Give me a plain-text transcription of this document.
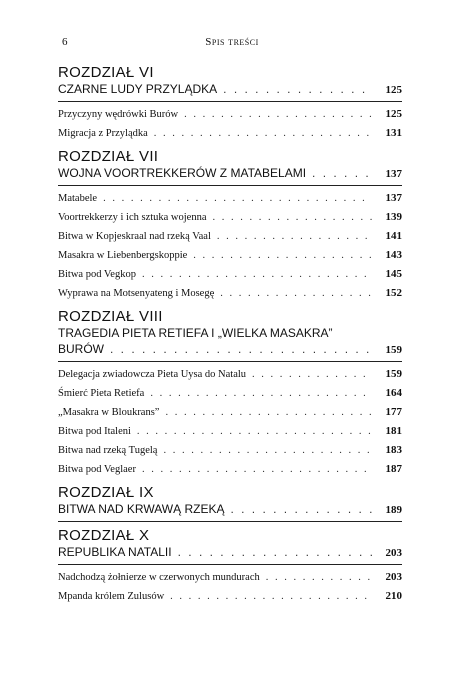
6	Spis treści
ROZDZIAŁ VI
CZARNE LUDY PRZYLĄDKA . . .	125
Przyczyny wędrówki Burów . . .	125
Migracja z Przylądka . . .	131
ROZDZIAŁ VII
WOJNA VOORTREKKERÓW Z MATABELAMI . . .	137
Matabele . . .	137
Voortrekkerzy i ich sztuka wojenna . . .	139
Bitwa w Kopjeskraal nad rzeką Vaal . . .	141
Masakra w Liebenbergskoppie . . .	143
Bitwa pod Vegkop . . .	145
Wyprawa na Motsenyateng i Mosegę . . .	152
ROZDZIAŁ VIII
TRAGEDIA PIETA RETIEFA I „WIELKA MASAKRA”
BURÓW . . .	159
Delegacja zwiadowcza Pieta Uysa do Natalu . . .	159
Śmierć Pieta Retiefa . . .	164
„Masakra w Bloukrans” . . .	177
Bitwa pod Italeni . . .	181
Bitwa nad rzeką Tugelą . . .	183
Bitwa pod Veglaer . . .	187
ROZDZIAŁ IX
BITWA NAD KRWAWĄ RZEKĄ . . .	189
ROZDZIAŁ X
REPUBLIKA NATALII . . .	203
Nadchodzą żołnierze w czerwonych mundurach . . .	203
Mpanda królem Zulusów . . .	210
